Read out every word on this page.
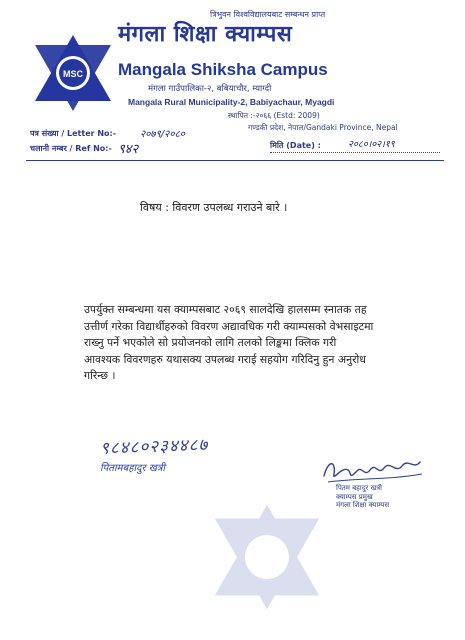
MSC
त्रिभुवन विश्वविद्यालयबाट सम्बन्धन प्राप्त
मंगला शिक्षा क्याम्पस
Mangala Shiksha Campus
मंगला गाउँपालिका-२, बबियाचौर, म्याग्दी
Mangala Rural Municipality-2, Babiyachaur, Myagdi
स्थापित :-२०६६ (Estd: 2009)
गण्डकी प्रदेश, नेपाल/Gandaki Province, Nepal
पत्र संख्या / Letter No:- २०७९/२०८०
चलानी नम्बर / Ref No:- ९४२	मिति (Date) :	२०८०।०२।१९
विषय : विवरण उपलब्ध गराउने बारे ।
उपर्युक्त सम्बन्धमा यस क्याम्पसबाट २०६९ सालदेखि हालसम्म स्नातक तह
उत्तीर्ण गरेका विद्यार्थीहरुको विवरण अद्यावधिक गरी क्याम्पसको वेभसाइटमा
राख्नु पर्ने भएकोले सो प्रयोजनको लागि तलको लिङ्कमा क्लिक गरी
आवश्यक विवरणहरु यथासक्य उपलब्ध गराई सहयोग गरिदिनु हुन अनुरोध
गरिन्छ ।
९८४८०२३४४८७
पितामबहादुर खत्री
पितम बहादुर खत्री
क्याम्पस प्रमुख
मंगला शिक्षा क्याम्पस
